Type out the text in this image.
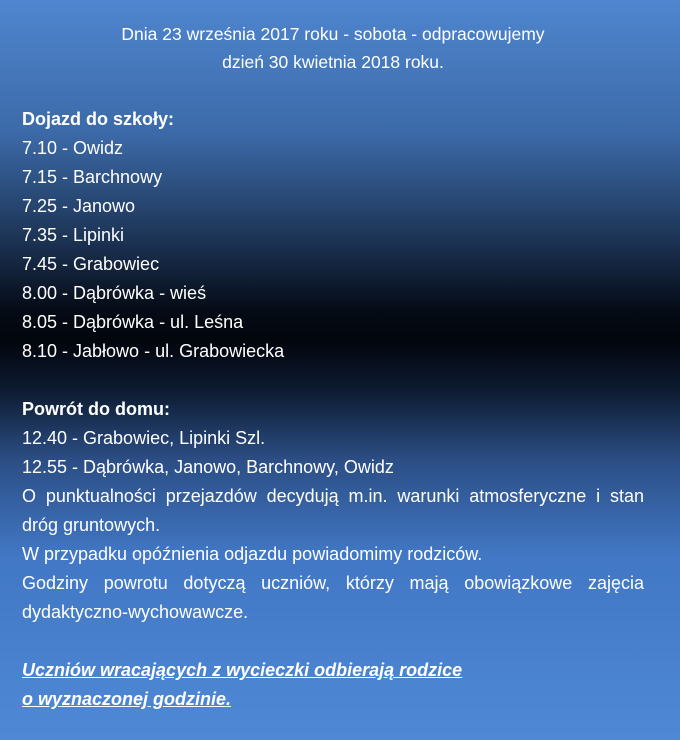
Dnia 23 września 2017 roku - sobota - odpracowujemy
dzień 30 kwietnia 2018 roku.
Dojazd do szkoły:
7.10 - Owidz
7.15 - Barchnowy
7.25 - Janowo
7.35 - Lipinki
7.45 - Grabowiec
8.00 - Dąbrówka - wieś
8.05 - Dąbrówka - ul. Leśna
8.10 - Jabłowo - ul. Grabowiecka
Powrót do domu:
12.40 - Grabowiec, Lipinki Szl.
12.55 - Dąbrówka, Janowo, Barchnowy, Owidz
O punktualności przejazdów decydują m.in. warunki atmosferyczne i stan dróg gruntowych.
W przypadku opóźnienia odjazdu powiadomimy rodziców.
Godziny powrotu dotyczą uczniów, którzy mają obowiązkowe zajęcia dydaktyczno-wychowawcze.
Uczniów wracających z wycieczki odbierają rodzice
o wyznaczonej godzinie.
